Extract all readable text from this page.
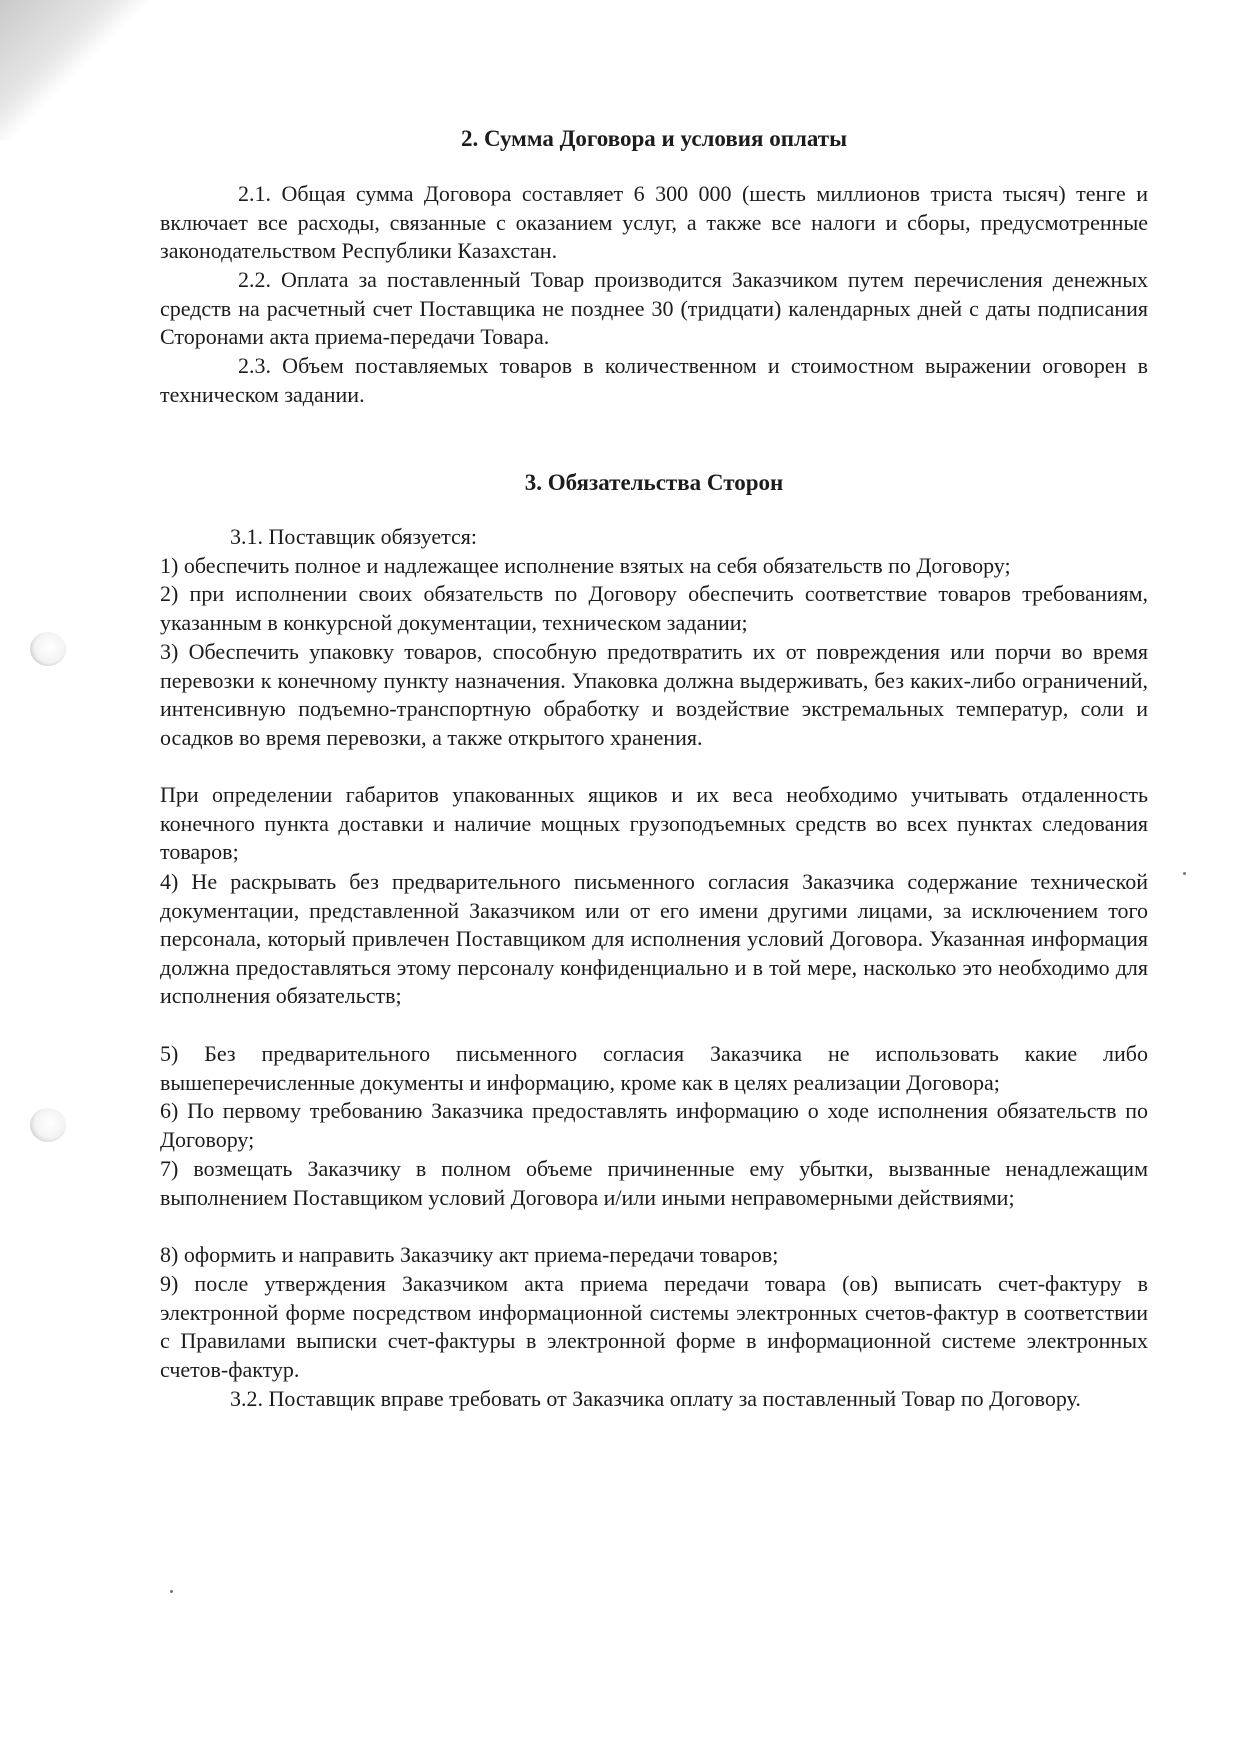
2. Сумма Договора и условия оплаты
2.1. Общая сумма Договора составляет 6 300 000 (шесть миллионов триста тысяч) тенге и включает все расходы, связанные с оказанием услуг, а также все налоги и сборы, предусмотренные законодательством Республики Казахстан.
2.2. Оплата за поставленный Товар производится Заказчиком путем перечисления денежных средств на расчетный счет Поставщика не позднее 30 (тридцати) календарных дней с даты подписания Сторонами акта приема-передачи Товара.
2.3. Объем поставляемых товаров в количественном и стоимостном выражении оговорен в техническом задании.
3. Обязательства Сторон
3.1. Поставщик обязуется:
1) обеспечить полное и надлежащее исполнение взятых на себя обязательств по Договору;
2) при исполнении своих обязательств по Договору обеспечить соответствие товаров требованиям, указанным в конкурсной документации, техническом задании;
3) Обеспечить упаковку товаров, способную предотвратить их от повреждения или порчи во время перевозки к конечному пункту назначения. Упаковка должна выдерживать, без каких-либо ограничений, интенсивную подъемно-транспортную обработку и воздействие экстремальных температур, соли и осадков во время перевозки, а также открытого хранения.
При определении габаритов упакованных ящиков и их веса необходимо учитывать отдаленность конечного пункта доставки и наличие мощных грузоподъемных средств во всех пунктах следования товаров;
4) Не раскрывать без предварительного письменного согласия Заказчика содержание технической документации, представленной Заказчиком или от его имени другими лицами, за исключением того персонала, который привлечен Поставщиком для исполнения условий Договора. Указанная информация должна предоставляться этому персоналу конфиденциально и в той мере, насколько это необходимо для исполнения обязательств;
5) Без предварительного письменного согласия Заказчика не использовать какие либо вышеперечисленные документы и информацию, кроме как в целях реализации Договора;
6) По первому требованию Заказчика предоставлять информацию о ходе исполнения обязательств по Договору;
7) возмещать Заказчику в полном объеме причиненные ему убытки, вызванные ненадлежащим выполнением Поставщиком условий Договора и/или иными неправомерными действиями;
8) оформить и направить Заказчику акт приема-передачи товаров;
9) после утверждения Заказчиком акта приема передачи товара (ов) выписать счет-фактуру в электронной форме посредством информационной системы электронных счетов-фактур в соответствии с Правилами выписки счет-фактуры в электронной форме в информационной системе электронных счетов-фактур.
3.2. Поставщик вправе требовать от Заказчика оплату за поставленный Товар по Договору.
